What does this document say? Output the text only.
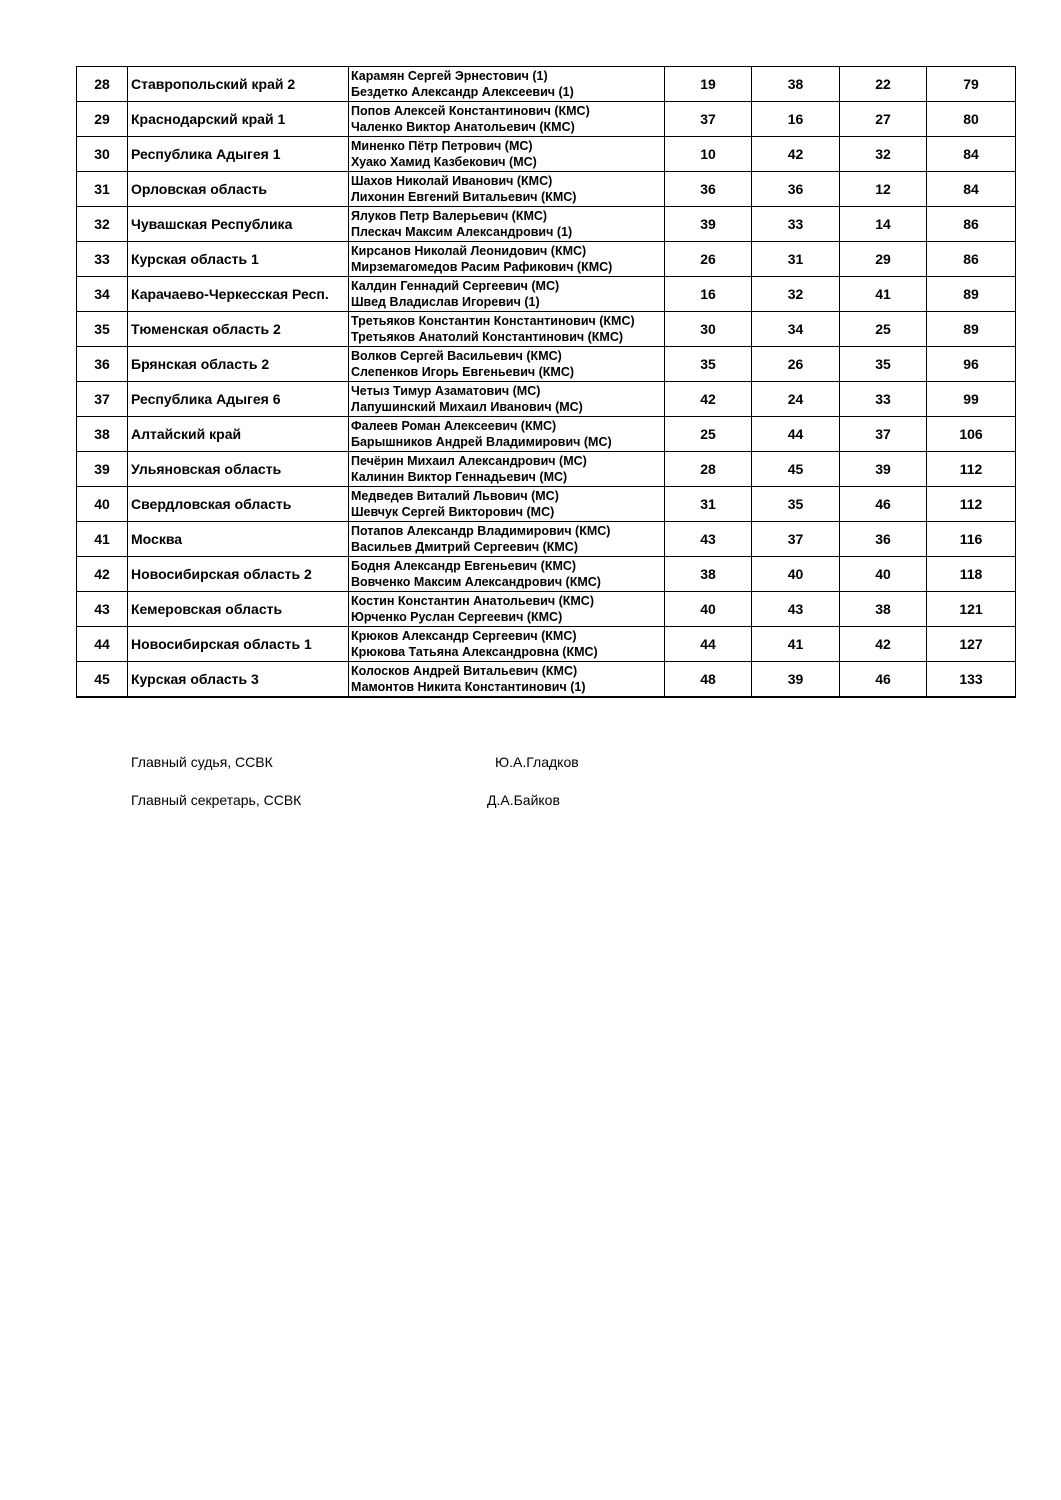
28	Ставропольский край 2	Карамян Сергей Эрнестович (1)
Бездетко Александр Алексеевич (1)	19	38	22	79
29	Краснодарский край 1	Попов Алексей Константинович (КМС)
Чаленко Виктор Анатольевич (КМС)	37	16	27	80
30	Республика Адыгея 1	Миненко Пётр Петрович (МС)
Хуако Хамид Казбекович (МС)	10	42	32	84
31	Орловская область	Шахов Николай Иванович (КМС)
Лихонин Евгений Витальевич (КМС)	36	36	12	84
32	Чувашская Республика	Ялуков Петр Валерьевич (КМС)
Плескач Максим Александрович (1)	39	33	14	86
33	Курская область 1	Кирсанов Николай Леонидович (КМС)
Мирземагомедов Расим Рафикович (КМС)	26	31	29	86
34	Карачаево-Черкесская Респ.	Калдин Геннадий Сергеевич (МС)
Швед Владислав Игоревич (1)	16	32	41	89
35	Тюменская область 2	Третьяков Константин Константинович (КМС)
Третьяков Анатолий Константинович (КМС)	30	34	25	89
36	Брянская область 2	Волков Сергей Васильевич (КМС)
Слепенков Игорь Евгеньевич (КМС)	35	26	35	96
37	Республика Адыгея 6	Четыз Тимур Азаматович (МС)
Лапушинский Михаил Иванович (МС)	42	24	33	99
38	Алтайский край	Фалеев Роман Алексеевич (КМС)
Барышников Андрей Владимирович (МС)	25	44	37	106
39	Ульяновская область	Печёрин Михаил Александрович (МС)
Калинин Виктор Геннадьевич (МС)	28	45	39	112
40	Свердловская область	Медведев Виталий Львович (МС)
Шевчук Сергей Викторович (МС)	31	35	46	112
41	Москва	Потапов Александр Владимирович (КМС)
Васильев Дмитрий Сергеевич (КМС)	43	37	36	116
42	Новосибирская область 2	Бодня Александр Евгеньевич (КМС)
Вовченко Максим Александрович (КМС)	38	40	40	118
43	Кемеровская область	Костин Константин Анатольевич (КМС)
Юрченко Руслан Сергеевич (КМС)	40	43	38	121
44	Новосибирская область 1	Крюков Александр Сергеевич (КМС)
Крюкова Татьяна Александровна (КМС)	44	41	42	127
45	Курская область 3	Колосков Андрей Витальевич (КМС)
Мамонтов Никита Константинович (1)	48	39	46	133
Главный судья, ССВК	Ю.А.Гладков
Главный секретарь, ССВК	Д.А.Байков
